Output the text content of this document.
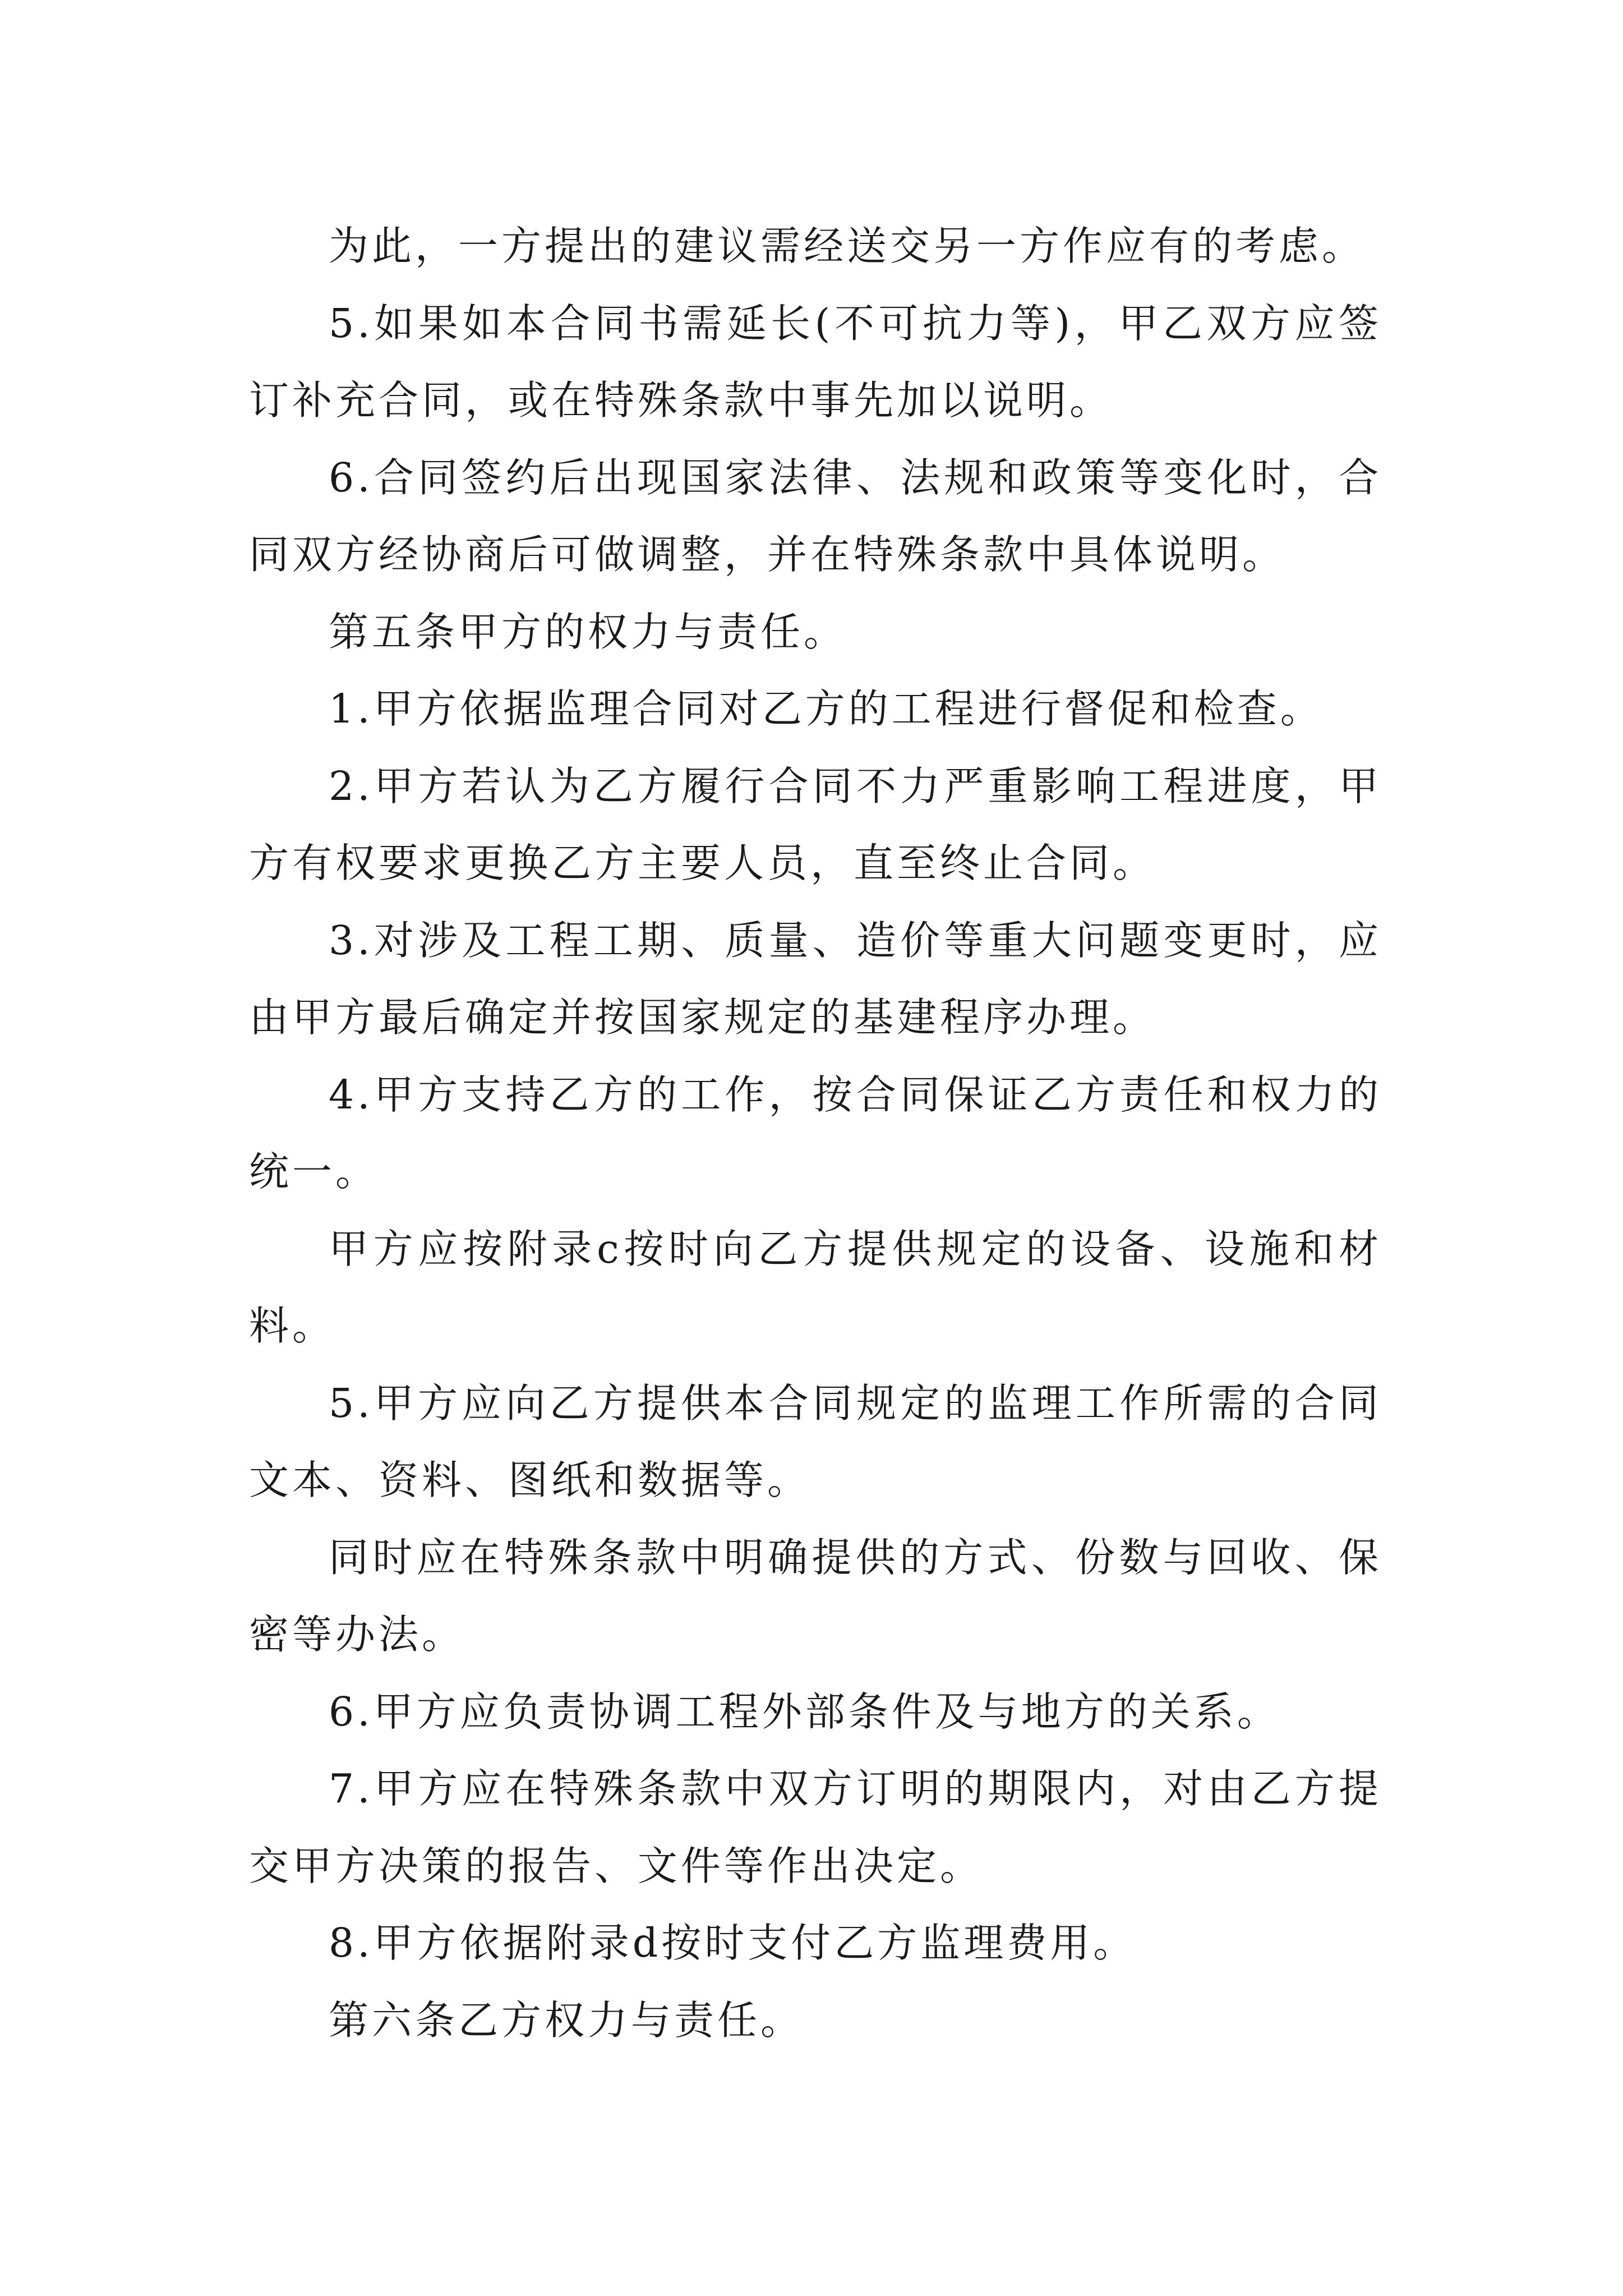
为此，一方提出的建议需经送交另一方作应有的考虑。

5.如果如本合同书需延长(不可抗力等)，甲乙双方应签订补充合同，或在特殊条款中事先加以说明。

6.合同签约后出现国家法律、法规和政策等变化时，合同双方经协商后可做调整，并在特殊条款中具体说明。

第五条甲方的权力与责任。

1.甲方依据监理合同对乙方的工程进行督促和检查。

2.甲方若认为乙方履行合同不力严重影响工程进度，甲方有权要求更换乙方主要人员，直至终止合同。

3.对涉及工程工期、质量、造价等重大问题变更时，应由甲方最后确定并按国家规定的基建程序办理。

4.甲方支持乙方的工作，按合同保证乙方责任和权力的统一。

甲方应按附录c按时向乙方提供规定的设备、设施和材料。

5.甲方应向乙方提供本合同规定的监理工作所需的合同文本、资料、图纸和数据等。

同时应在特殊条款中明确提供的方式、份数与回收、保密等办法。

6.甲方应负责协调工程外部条件及与地方的关系。

7.甲方应在特殊条款中双方订明的期限内，对由乙方提交甲方决策的报告、文件等作出决定。

8.甲方依据附录d按时支付乙方监理费用。

第六条乙方权力与责任。
